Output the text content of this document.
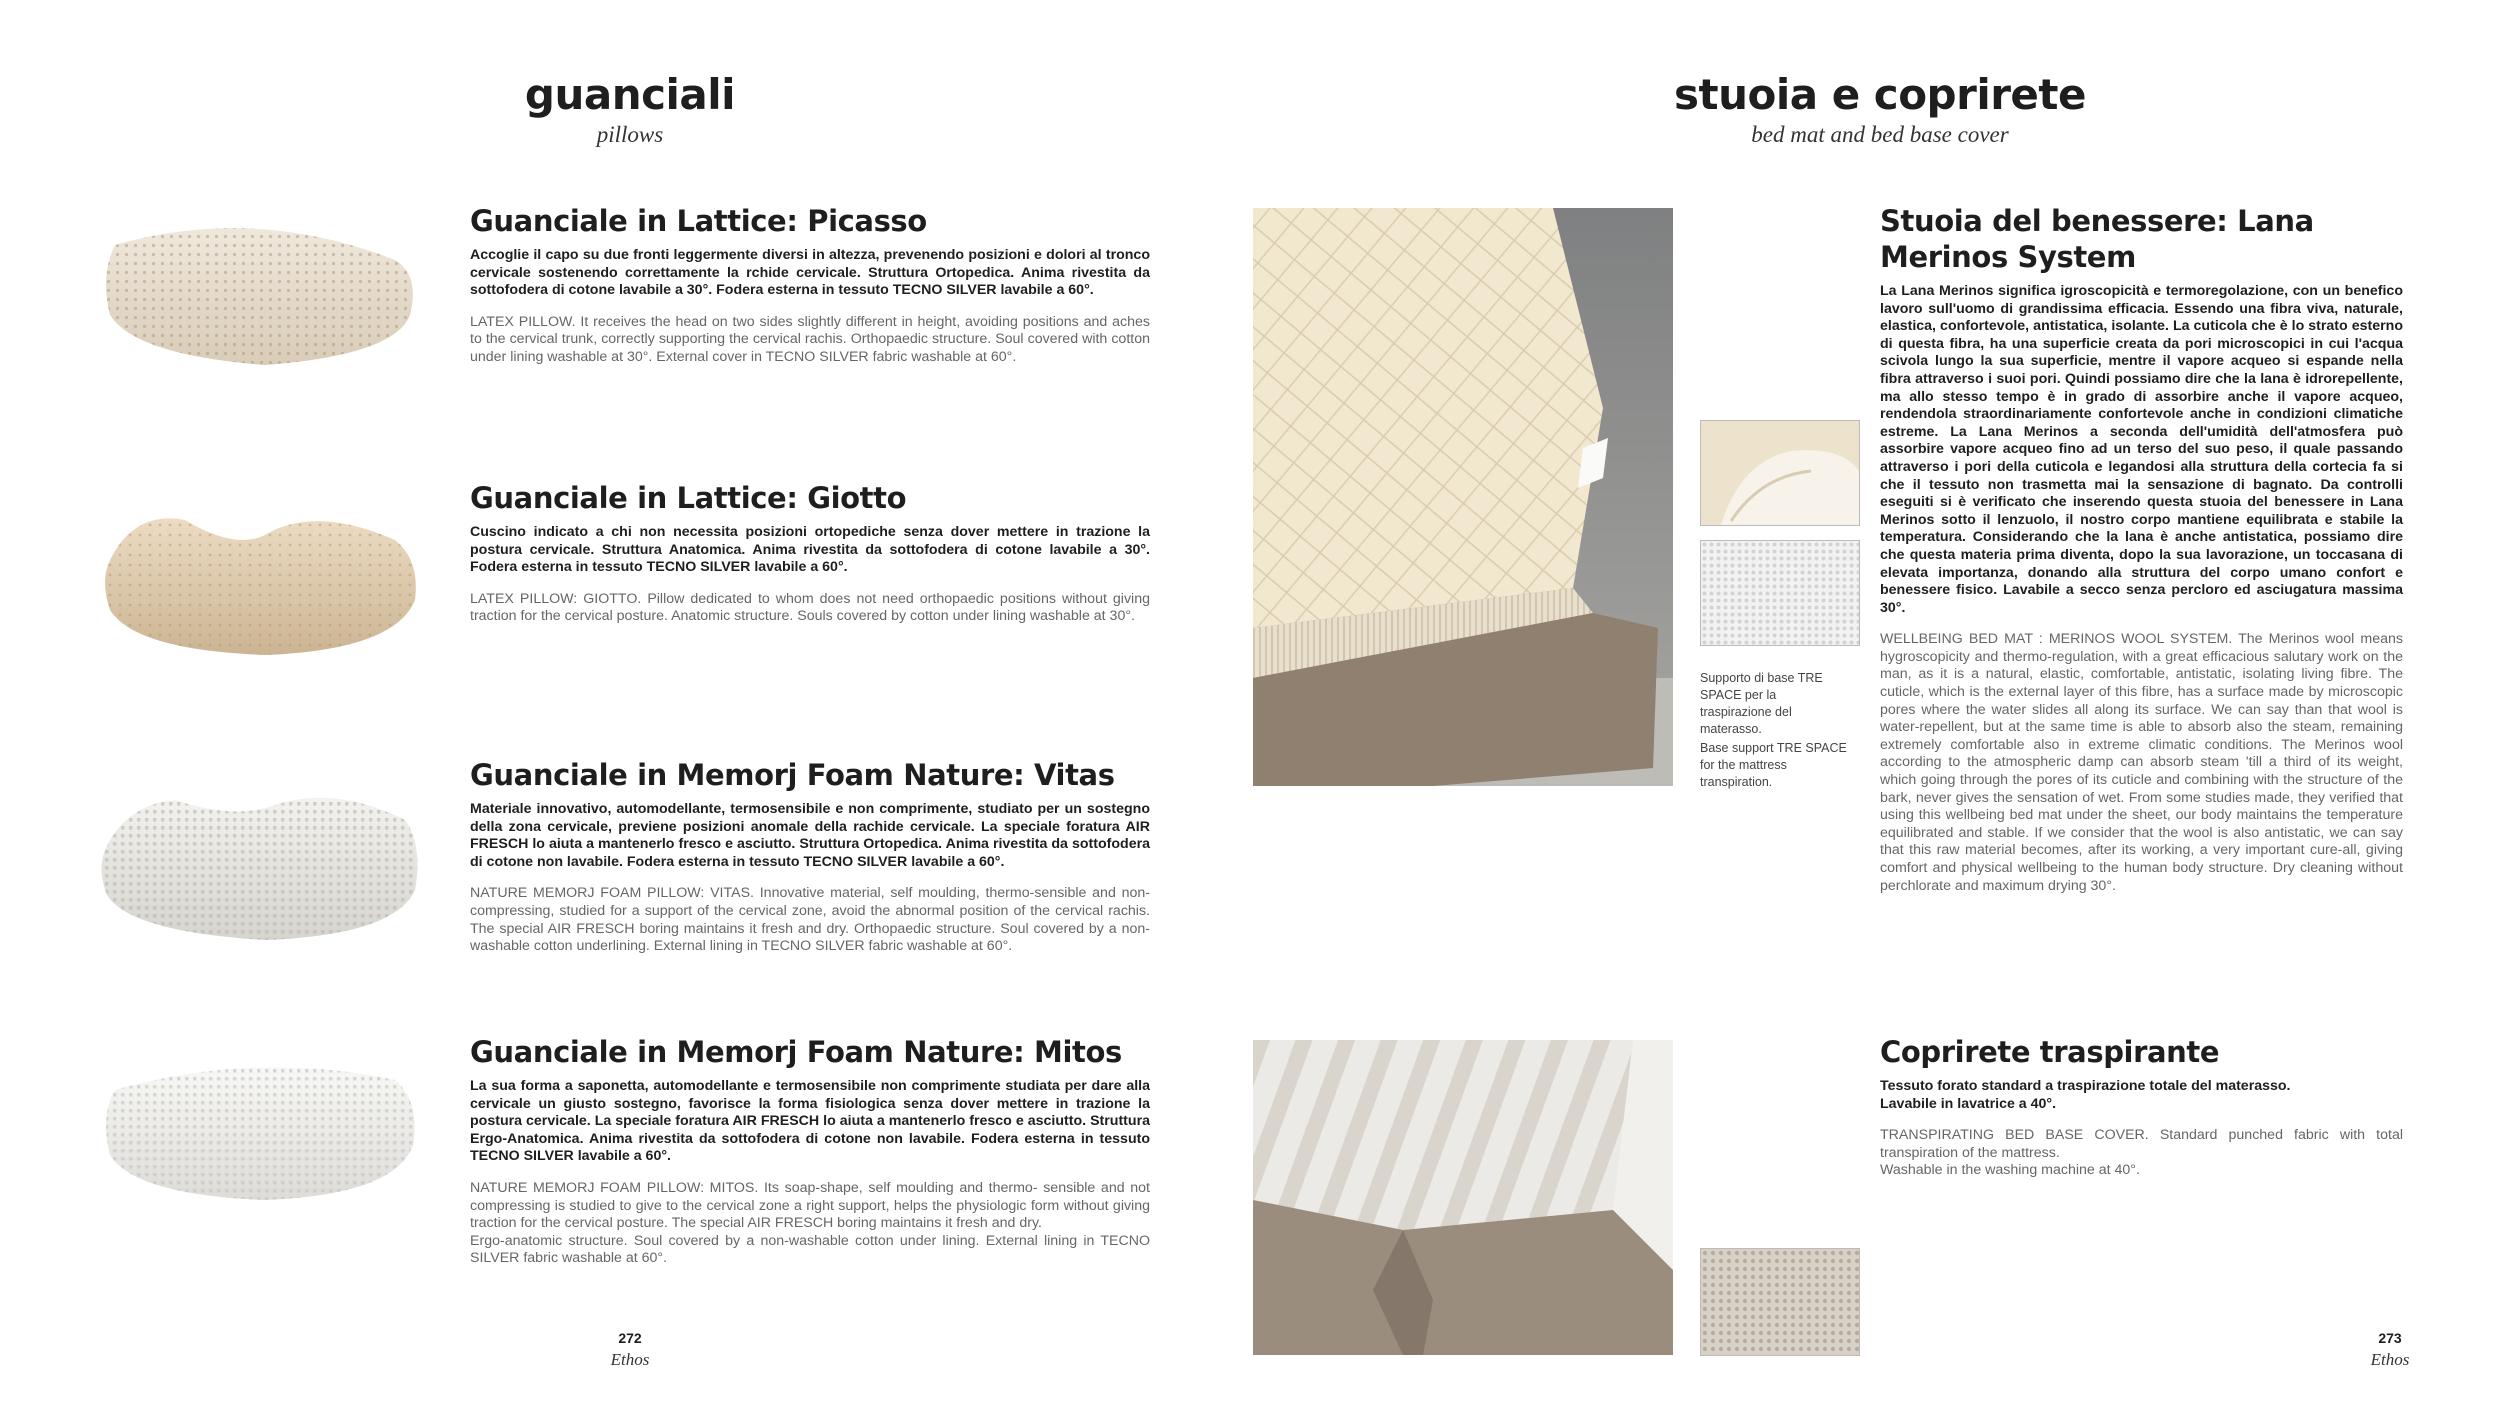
guanciali
pillows
Guanciale in Lattice: Picasso
Accoglie il capo su due fronti leggermente diversi in altezza, prevenendo posizioni e dolori al tronco cervicale sostenendo correttamente la rchide cervicale. Struttura Ortopedica. Anima rivestita da sottofodera di cotone lavabile a 30°. Fodera esterna in tessuto TECNO SILVER lavabile a 60°.
LATEX PILLOW. It receives the head on two sides slightly different in height, avoiding positions and aches to the cervical trunk, correctly supporting the cervical rachis. Orthopaedic structure. Soul covered with cotton under lining washable at 30°. External cover in TECNO SILVER fabric washable at 60°.
Guanciale in Lattice: Giotto
Cuscino indicato a chi non necessita posizioni ortopediche senza dover mettere in trazione la postura cervicale. Struttura Anatomica. Anima rivestita da sottofodera di cotone lavabile a 30°. Fodera esterna in tessuto TECNO SILVER lavabile a 60°.
LATEX PILLOW: GIOTTO. Pillow dedicated to whom does not need orthopaedic positions without giving traction for the cervical posture. Anatomic structure. Souls covered by cotton under lining washable at 30°.
Guanciale in Memorj Foam Nature: Vitas
Materiale innovativo, automodellante, termosensibile e non comprimente, studiato per un sostegno della zona cervicale, previene posizioni anomale della rachide cervicale. La speciale foratura AIR FRESCH lo aiuta a mantenerlo fresco e asciutto. Struttura Ortopedica. Anima rivestita da sottofodera di cotone non lavabile. Fodera esterna in tessuto TECNO SILVER lavabile a 60°.
NATURE MEMORJ FOAM PILLOW: VITAS. Innovative material, self moulding, thermo-sensible and non-compressing, studied for a support of the cervical zone, avoid the abnormal position of the cervical rachis. The special AIR FRESCH boring maintains it fresh and dry. Orthopaedic structure. Soul covered by a non-washable cotton underlining. External lining in TECNO SILVER fabric washable at 60°.
Guanciale in Memorj Foam Nature: Mitos
La sua forma a saponetta, automodellante e termosensibile non comprimente studiata per dare alla cervicale un giusto sostegno, favorisce la forma fisiologica senza dover mettere in trazione la postura cervicale. La speciale foratura AIR FRESCH lo aiuta a mantenerlo fresco e asciutto. Struttura Ergo-Anatomica. Anima rivestita da sottofodera di cotone non lavabile. Fodera esterna in tessuto TECNO SILVER lavabile a 60°.
NATURE MEMORJ FOAM PILLOW: MITOS. Its soap-shape, self moulding and thermo- sensible and not compressing is studied to give to the cervical zone a right support, helps the physiologic form without giving traction for the cervical posture. The special AIR FRESCH boring maintains it fresh and dry.
Ergo-anatomic structure. Soul covered by a non-washable cotton under lining. External lining in TECNO SILVER fabric washable at 60°.
272
Ethos
stuoia e coprirete
bed mat and bed base cover
Supporto di base TRE SPACE per la traspirazione del materasso.
Base support TRE SPACE for the mattress transpiration.
Stuoia del benessere: Lana Merinos System
La Lana Merinos significa igroscopicità e termoregolazione, con un benefico lavoro sull'uomo di grandissima efficacia. Essendo una fibra viva, naturale, elastica, confortevole, antistatica, isolante. La cuticola che è lo strato esterno di questa fibra, ha una superficie creata da pori microscopici in cui l'acqua scivola lungo la sua superficie, mentre il vapore acqueo si espande nella fibra attraverso i suoi pori. Quindi possiamo dire che la lana è idrorepellente, ma allo stesso tempo è in grado di assorbire anche il vapore acqueo, rendendola straordinariamente confortevole anche in condizioni climatiche estreme. La Lana Merinos a seconda dell'umidità dell'atmosfera può assorbire vapore acqueo fino ad un terso del suo peso, il quale passando attraverso i pori della cuticola e legandosi alla struttura della cortecia fa si che il tessuto non trasmetta mai la sensazione di bagnato. Da controlli eseguiti si è verificato che inserendo questa stuoia del benessere in Lana Merinos sotto il lenzuolo, il nostro corpo mantiene equilibrata e stabile la temperatura. Considerando che la lana è anche antistatica, possiamo dire che questa materia prima diventa, dopo la sua lavorazione, un toccasana di elevata importanza, donando alla struttura del corpo umano confort e benessere fisico. Lavabile a secco senza percloro ed asciugatura massima 30°.
WELLBEING BED MAT : MERINOS WOOL SYSTEM. The Merinos wool means hygroscopicity and thermo-regulation, with a great efficacious salutary work on the man, as it is a natural, elastic, comfortable, antistatic, isolating living fibre. The cuticle, which is the external layer of this fibre, has a surface made by microscopic pores where the water slides all along its surface. We can say than that wool is water-repellent, but at the same time is able to absorb also the steam, remaining extremely comfortable also in extreme climatic conditions. The Merinos wool according to the atmospheric damp can absorb steam 'till a third of its weight, which going through the pores of its cuticle and combining with the structure of the bark, never gives the sensation of wet. From some studies made, they verified that using this wellbeing bed mat under the sheet, our body maintains the temperature equilibrated and stable. If we consider that the wool is also antistatic, we can say that this raw material becomes, after its working, a very important cure-all, giving comfort and physical wellbeing to the human body structure. Dry cleaning without perchlorate and maximum drying 30°.
Coprirete traspirante
Tessuto forato standard a traspirazione totale del materasso.
Lavabile in lavatrice a 40°.
TRANSPIRATING BED BASE COVER. Standard punched fabric with total transpiration of the mattress.
Washable in the washing machine at 40°.
273
Ethos
